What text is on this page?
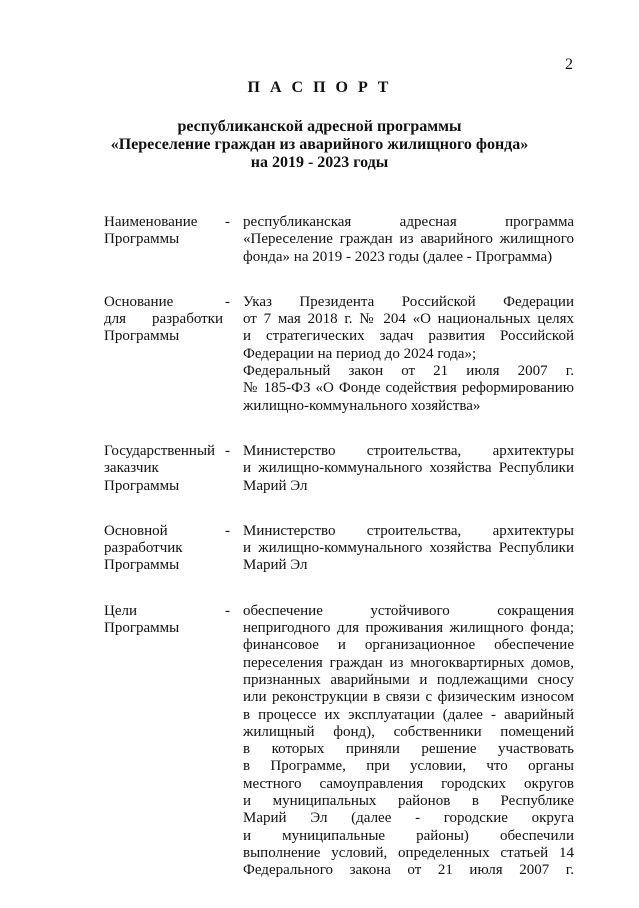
2
П А С П О Р Т
республиканской адресной программы
«Переселение граждан из аварийного жилищного фонда»
на 2019 - 2023 годы
Наименование
Программы
- республиканская адресная программа
«Переселение граждан из аварийного жилищного
фонда» на 2019 - 2023 годы (далее - Программа)
Основание
для разработки
Программы
- Указ Президента Российской Федерации
от 7 мая 2018 г. № 204 «О национальных целях
и стратегических задач развития Российской
Федерации на период до 2024 года»;
Федеральный закон от 21 июля 2007 г.
№ 185-ФЗ «О Фонде содействия реформированию
жилищно-коммунального хозяйства»
Государственный
заказчик
Программы
- Министерство строительства, архитектуры
и жилищно-коммунального хозяйства Республики
Марий Эл
Основной
разработчик
Программы
- Министерство строительства, архитектуры
и жилищно-коммунального хозяйства Республики
Марий Эл
Цели
Программы
- обеспечение устойчивого сокращения
непригодного для проживания жилищного фонда;
финансовое и организационное обеспечение
переселения граждан из многоквартирных домов,
признанных аварийными и подлежащими сносу
или реконструкции в связи с физическим износом
в процессе их эксплуатации (далее - аварийный
жилищный фонд), собственники помещений
в которых приняли решение участвовать
в Программе, при условии, что органы
местного самоуправления городских округов
и муниципальных районов в Республике
Марий Эл (далее - городские округа
и муниципальные районы) обеспечили
выполнение условий, определенных статьей 14
Федерального закона от 21 июля 2007 г.
